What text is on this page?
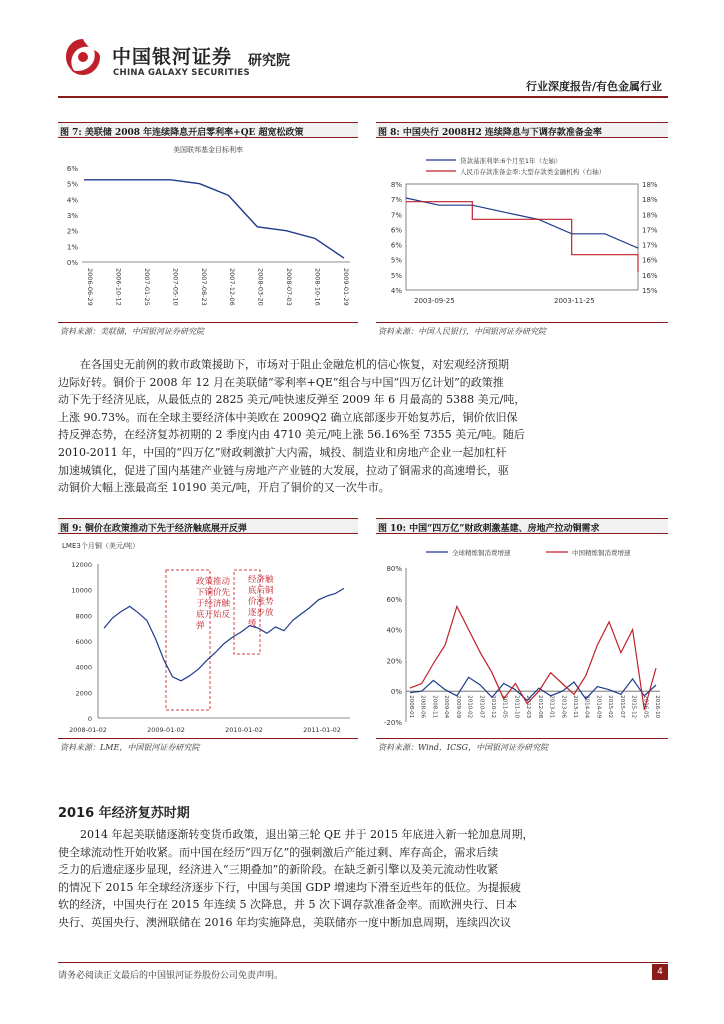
中国银河证券
CHINA GALAXY SECURITIES
研究院
行业深度报告/有色金属行业
图 7: 美联储 2008 年连续降息开启零利率+QE 超宽松政策
美国联邦基金目标利率
0%
1%
2%
3%
4%
5%
6%
2006-06-29	2006-10-12	2007-01-25	2007-05-10	2007-08-23	2007-12-06	2008-03-20	2008-07-03	2008-10-16	2009-01-29
资料来源：美联储，中国银河证券研究院
图 8: 中国央行 2008H2 连续降息与下调存款准备金率
贷款基准利率:6个月至1年（左轴）
人民币存款准备金率:大型存款类金融机构（右轴）
4%
5%
5%
6%
6%
7%
7%
8%
15%
16%
16%
17%
17%
18%
18%
18%
2003-09-25	2003-11-25
资料来源：中国人民银行，中国银河证券研究院
在各国史无前例的救市政策援助下，市场对于阻止金融危机的信心恢复，对宏观经济预期
边际好转。铜价于 2008 年 12 月在美联储“零利率+QE”组合与中国“四万亿计划”的政策推
动下先于经济见底，从最低点的 2825 美元/吨快速反弹至 2009 年 6 月最高的 5388 美元/吨，
上涨 90.73%。而在全球主要经济体中美欧在 2009Q2 确立底部逐步开始复苏后，铜价依旧保
持反弹态势，在经济复苏初期的 2 季度内由 4710 美元/吨上涨 56.16%至 7355 美元/吨。随后
2010-2011 年，中国的“四万亿”财政刺激扩大内需，城投、制造业和房地产企业一起加杠杆
加速城镇化，促进了国内基建产业链与房地产产业链的大发展，拉动了铜需求的高速增长，驱
动铜价大幅上涨最高至 10190 美元/吨，开启了铜价的又一次牛市。
图 9: 铜价在政策推动下先于经济触底展开反弹
LME3个月铜（美元/吨）
0
2000
4000
6000
8000
10000
12000
2008-01-02	2009-01-02	2010-01-02	2011-01-02
政策推动
下铜价先
于经济触
底开始反
弹
经济触
底后铜
价涨势
逐步放
缓
资料来源：LME，中国银河证券研究院
图 10: 中国“四万亿”财政刺激基建、房地产拉动铜需求
全球精炼铜消费增速	中国精炼铜消费增速
-20%
0%
20%
40%
60%
80%
2008-01 2008-06 2008-11 2009-04 2009-09 2010-02 2010-07 2010-12 2011-05 2011-10 2012-03 2012-08 2013-01 2013-06 2013-11 2014-04 2014-09 2015-02 2015-07 2015-12 2016-05 2016-10
资料来源：Wind，ICSG，中国银河证券研究院
2016 年经济复苏时期
2014 年起美联储逐渐转变货币政策，退出第三轮 QE 并于 2015 年底进入新一轮加息周期，
使全球流动性开始收紧。而中国在经历“四万亿”的强刺激后产能过剩、库存高企，需求后续
乏力的后遗症逐步显现，经济进入“三期叠加”的新阶段。在缺乏新引擎以及美元流动性收紧
的情况下 2015 年全球经济逐步下行，中国与美国 GDP 增速均下滑至近些年的低位。为提振疲
软的经济，中国央行在 2015 年连续 5 次降息，并 5 次下调存款准备金率。而欧洲央行、日本
央行、英国央行、澳洲联储在 2016 年均实施降息，美联储亦一度中断加息周期，连续四次议
请务必阅读正文最后的中国银河证券股份公司免责声明。	4
